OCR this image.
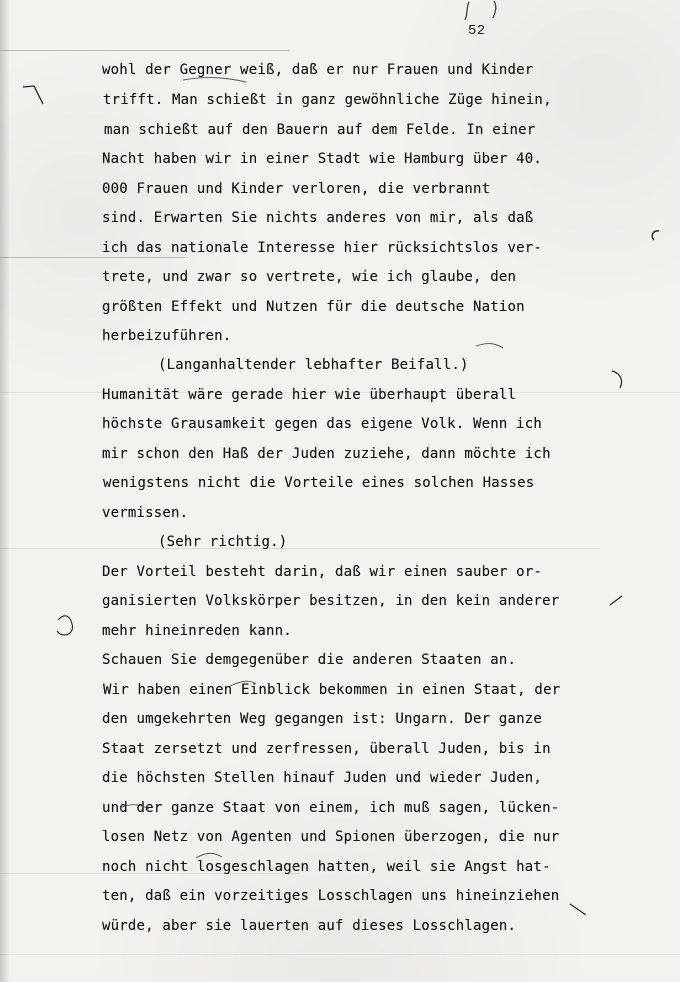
52
wohl der Gegner weiß, daß er nur Frauen und Kinder
trifft. Man schießt in ganz gewöhnliche Züge hinein,
man schießt auf den Bauern auf dem Felde. In einer
Nacht haben wir in einer Stadt wie Hamburg über 40.
000 Frauen und Kinder verloren, die verbrannt
sind. Erwarten Sie nichts anderes von mir, als daß
ich das nationale Interesse hier rücksichtslos ver-
trete, und zwar so vertrete, wie ich glaube, den
größten Effekt und Nutzen für die deutsche Nation
herbeizuführen.
(Langanhaltender lebhafter Beifall.)
Humanität wäre gerade hier wie überhaupt überall
höchste Grausamkeit gegen das eigene Volk. Wenn ich
mir schon den Haß der Juden zuziehe, dann möchte ich
wenigstens nicht die Vorteile eines solchen Hasses
vermissen.
(Sehr richtig.)
Der Vorteil besteht darin, daß wir einen sauber or-
ganisierten Volkskörper besitzen, in den kein anderer
mehr hineinreden kann.
Schauen Sie demgegenüber die anderen Staaten an.
Wir haben einen Einblick bekommen in einen Staat, der
den umgekehrten Weg gegangen ist: Ungarn. Der ganze
Staat zersetzt und zerfressen, überall Juden, bis in
die höchsten Stellen hinauf Juden und wieder Juden,
und der ganze Staat von einem, ich muß sagen, lücken-
losen Netz von Agenten und Spionen überzogen, die nur
noch nicht losgeschlagen hatten, weil sie Angst hat-
ten, daß ein vorzeitiges Losschlagen uns hineinziehen
würde, aber sie lauerten auf dieses Losschlagen.
